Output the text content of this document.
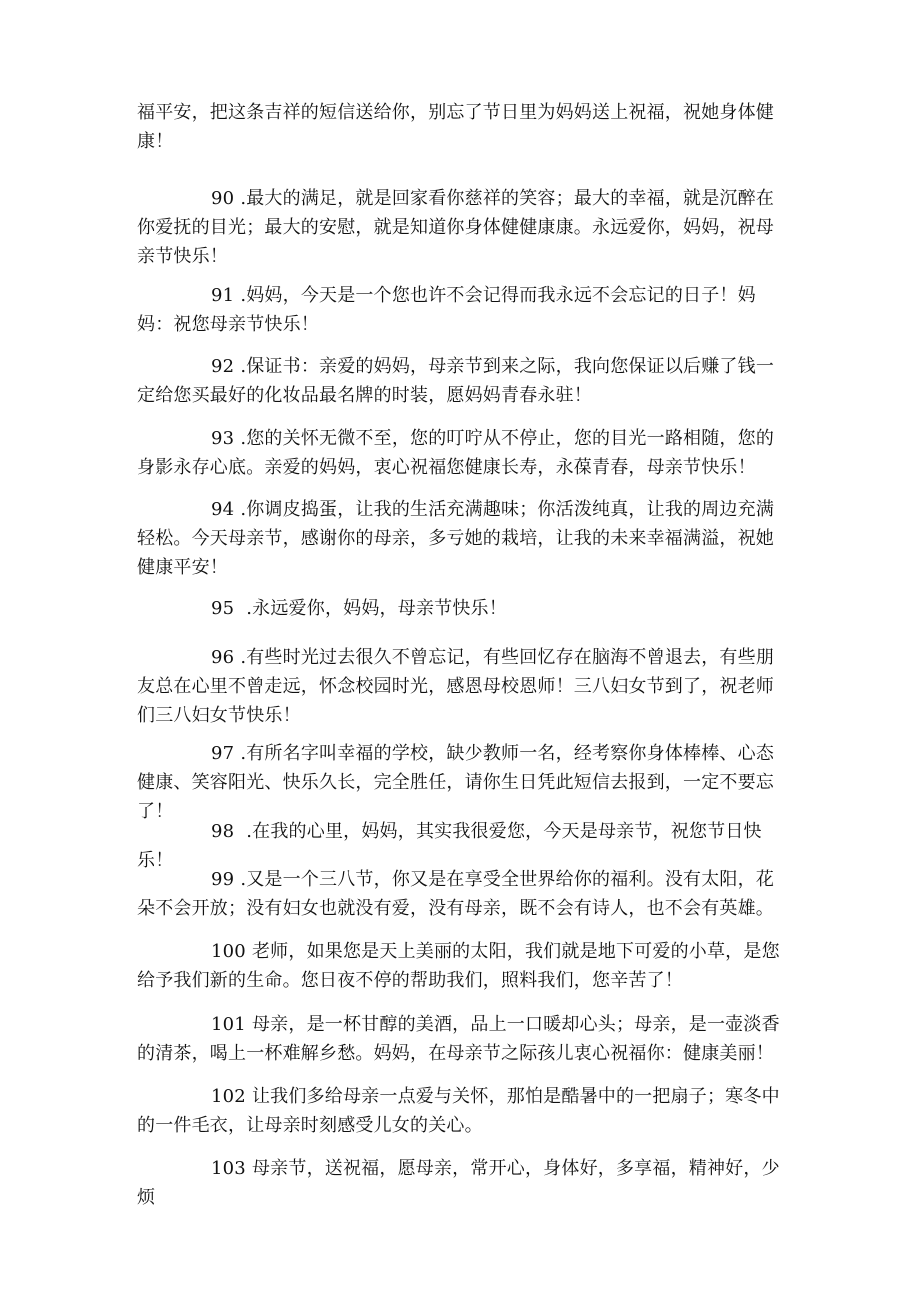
福平安，把这条吉祥的短信送给你，别忘了节日里为妈妈送上祝福，祝她身体健康！

90 .最大的满足，就是回家看你慈祥的笑容；最大的幸福，就是沉醉在你爱抚的目光；最大的安慰，就是知道你身体健健康康。永远爱你，妈妈，祝母亲节快乐！

91 .妈妈，今天是一个您也许不会记得而我永远不会忘记的日子！妈妈：祝您母亲节快乐！

92 .保证书：亲爱的妈妈，母亲节到来之际，我向您保证以后赚了钱一定给您买最好的化妆品最名牌的时装，愿妈妈青春永驻！

93 .您的关怀无微不至，您的叮咛从不停止，您的目光一路相随，您的身影永存心底。亲爱的妈妈，衷心祝福您健康长寿，永葆青春，母亲节快乐！

94 .你调皮捣蛋，让我的生活充满趣味；你活泼纯真，让我的周边充满轻松。今天母亲节，感谢你的母亲，多亏她的栽培，让我的未来幸福满溢，祝她健康平安！

95 .永远爱你，妈妈，母亲节快乐！

96 .有些时光过去很久不曾忘记，有些回忆存在脑海不曾退去，有些朋友总在心里不曾走远，怀念校园时光，感恩母校恩师！三八妇女节到了，祝老师们三八妇女节快乐！

97 .有所名字叫幸福的学校，缺少教师一名，经考察你身体棒棒、心态健康、笑容阳光、快乐久长，完全胜任，请你生日凭此短信去报到，一定不要忘了！

98 .在我的心里，妈妈，其实我很爱您，今天是母亲节，祝您节日快乐！

99 .又是一个三八节，你又是在享受全世界给你的福利。没有太阳，花朵不会开放；没有妇女也就没有爱，没有母亲，既不会有诗人，也不会有英雄。

100 老师，如果您是天上美丽的太阳，我们就是地下可爱的小草，是您给予我们新的生命。您日夜不停的帮助我们，照料我们，您辛苦了！

101 母亲，是一杯甘醇的美酒，品上一口暖却心头；母亲，是一壶淡香的清茶，喝上一杯难解乡愁。妈妈，在母亲节之际孩儿衷心祝福你：健康美丽！

102 让我们多给母亲一点爱与关怀，那怕是酷暑中的一把扇子；寒冬中的一件毛衣，让母亲时刻感受儿女的关心。

103 母亲节，送祝福，愿母亲，常开心，身体好，多享福，精神好，少烦
